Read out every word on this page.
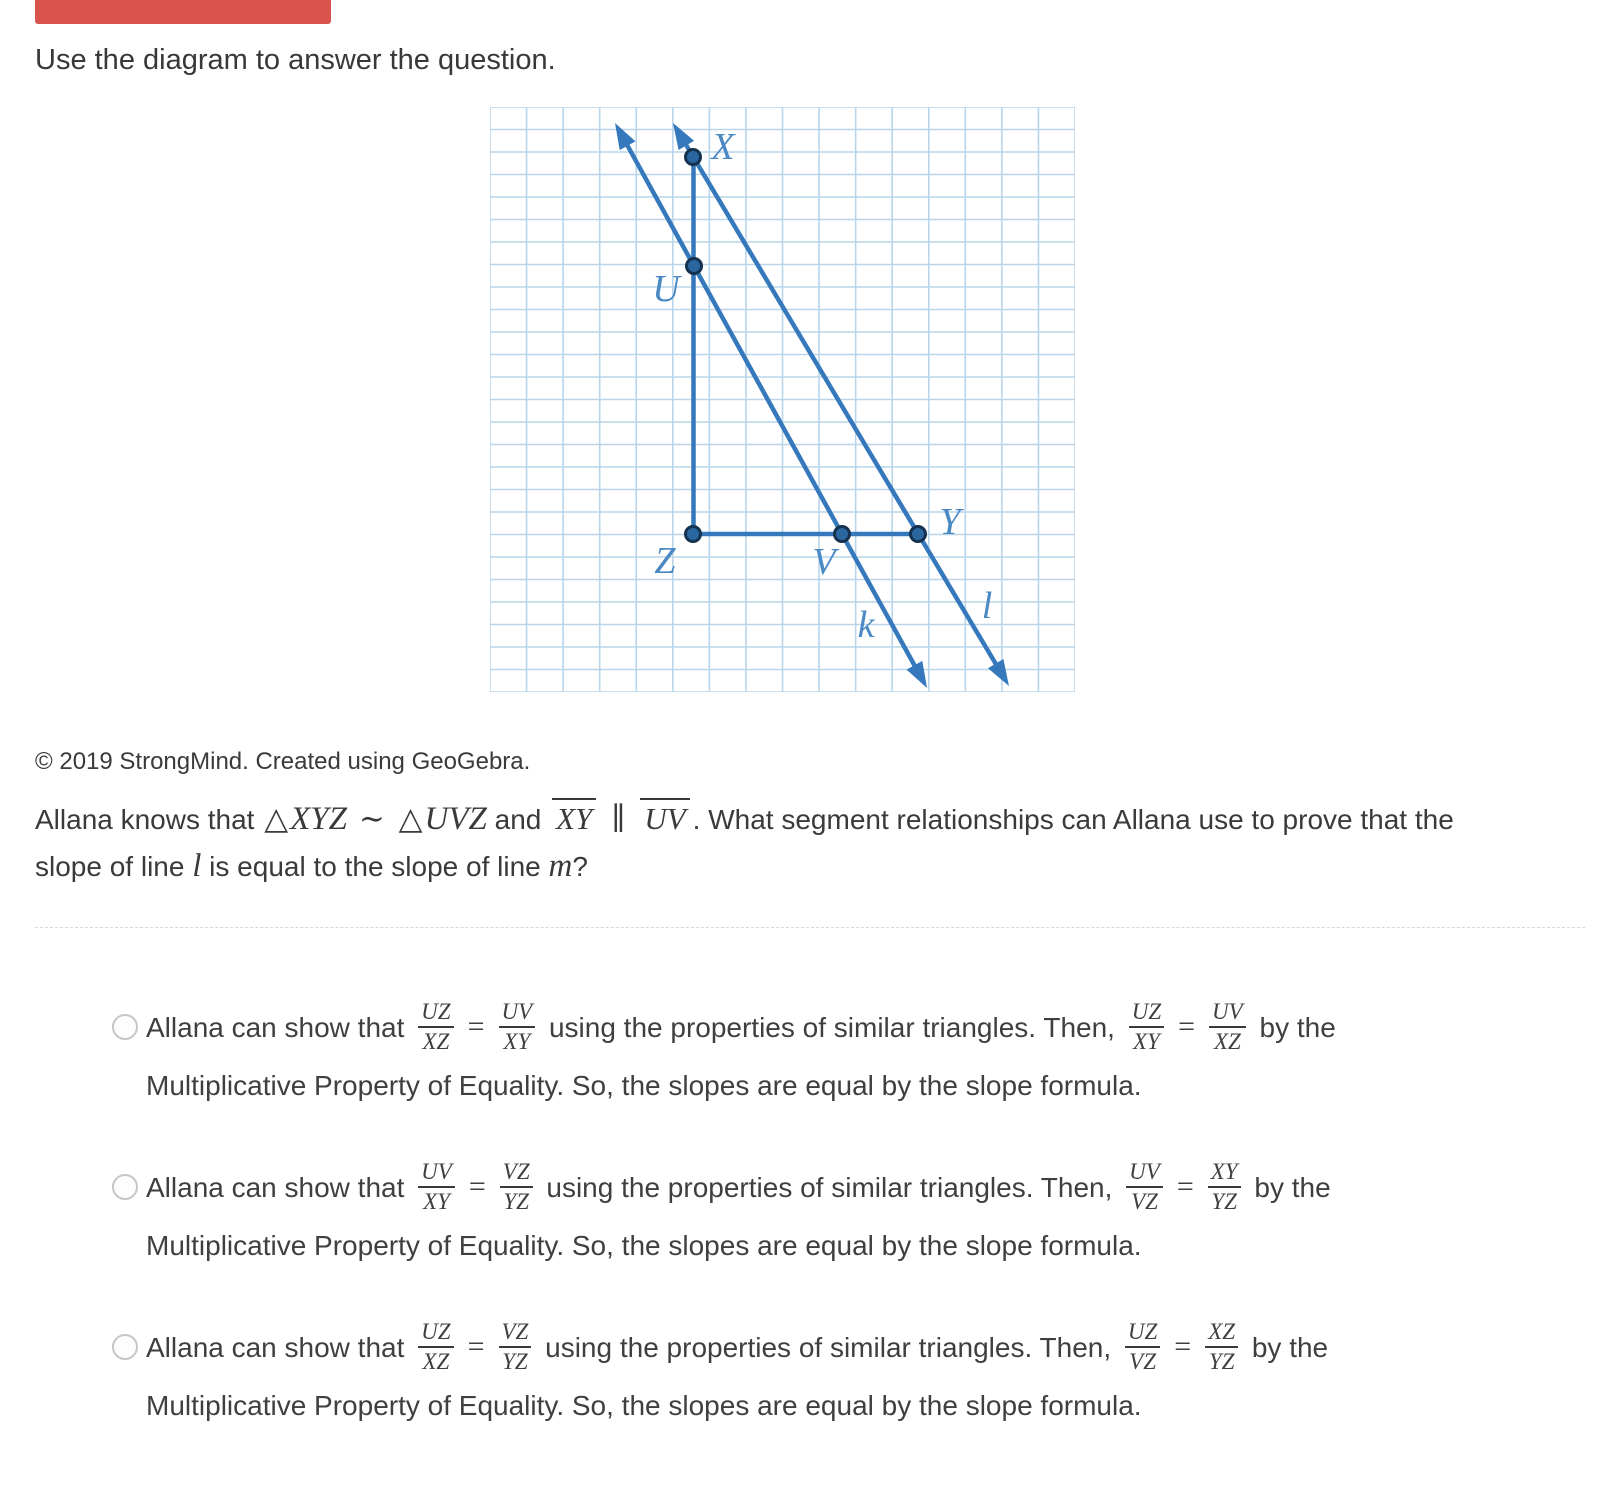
Use the diagram to answer the question.
X
U
Z	V
Y
k	l
© 2019 StrongMind. Created using GeoGebra.
Allana knows that △XYZ ∼ △UVZ and XY ∥ UV . What segment relationships can Allana use to prove that the
slope of line l is equal to the slope of line m?
Allana can show that $\frac{UZ}{XZ} = \frac{UV}{XY}$ using the properties of similar triangles. Then, $\frac{UZ}{XY} = \frac{UV}{XZ}$ by the
Multiplicative Property of Equality. So, the slopes are equal by the slope formula.
Allana can show that $\frac{UV}{XY} = \frac{VZ}{YZ}$ using the properties of similar triangles. Then, $\frac{UV}{VZ} = \frac{XY}{YZ}$ by the
Multiplicative Property of Equality. So, the slopes are equal by the slope formula.
Allana can show that $\frac{UZ}{XZ} = \frac{VZ}{YZ}$ using the properties of similar triangles. Then, $\frac{UZ}{VZ} = \frac{XZ}{YZ}$ by the
Multiplicative Property of Equality. So, the slopes are equal by the slope formula.
